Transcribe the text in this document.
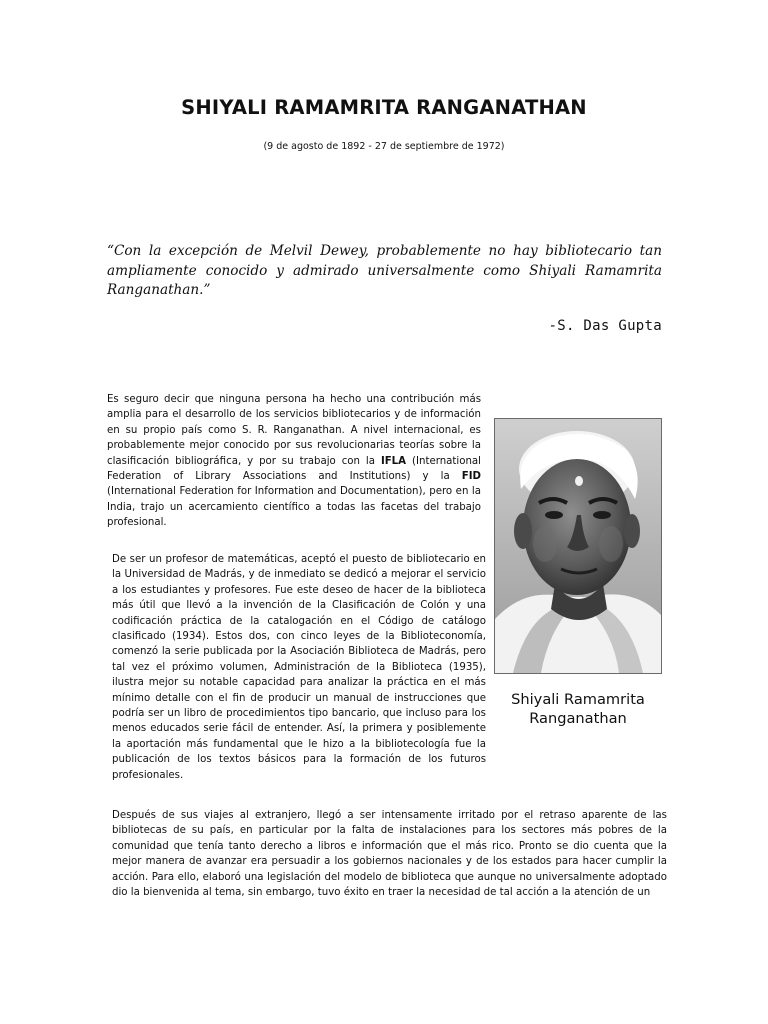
SHIYALI RAMAMRITA RANGANATHAN
(9 de agosto de 1892 - 27 de septiembre de 1972)

“Con la excepción de Melvil Dewey, probablemente no hay bibliotecario tan ampliamente conocido y admirado universalmente como Shiyali Ramamrita Ranganathan.”

-S. Das Gupta

Es seguro decir que ninguna persona ha hecho una contribución más amplia para el desarrollo de los servicios bibliotecarios y de información en su propio país como S. R. Ranganathan. A nivel internacional, es probablemente mejor conocido por sus revolucionarias teorías sobre la clasificación bibliográfica, y por su trabajo con la IFLA (International Federation of Library Associations and Institutions) y la FID (International Federation for Information and Documentation), pero en la India, trajo un acercamiento científico a todas las facetas del trabajo profesional.

De ser un profesor de matemáticas, aceptó el puesto de bibliotecario en la Universidad de Madrás, y de inmediato se dedicó a mejorar el servicio a los estudiantes y profesores. Fue este deseo de hacer de la biblioteca más útil que llevó a la invención de la Clasificación de Colón y una codificación práctica de la catalogación en el Código de catálogo clasificado (1934). Estos dos, con cinco leyes de la Biblioteconomía, comenzó la serie publicada por la Asociación Biblioteca de Madrás, pero tal vez el próximo volumen, Administración de la Biblioteca (1935), ilustra mejor su notable capacidad para analizar la práctica en el más mínimo detalle con el fin de producir un manual de instrucciones que podría ser un libro de procedimientos tipo bancario, que incluso para los menos educados serie fácil de entender. Así, la primera y posiblemente la aportación más fundamental que le hizo a la bibliotecología fue la publicación de los textos básicos para la formación de los futuros profesionales.

Shiyali Ramamrita Ranganathan

Después de sus viajes al extranjero, llegó a ser intensamente irritado por el retraso aparente de las bibliotecas de su país, en particular por la falta de instalaciones para los sectores más pobres de la comunidad que tenía tanto derecho a libros e información que el más rico. Pronto se dio cuenta que la mejor manera de avanzar era persuadir a los gobiernos nacionales y de los estados para hacer cumplir la acción. Para ello, elaboró una legislación del modelo de biblioteca que aunque no universalmente adoptado dio la bienvenida al tema, sin embargo, tuvo éxito en traer la necesidad de tal acción a la atención de un
